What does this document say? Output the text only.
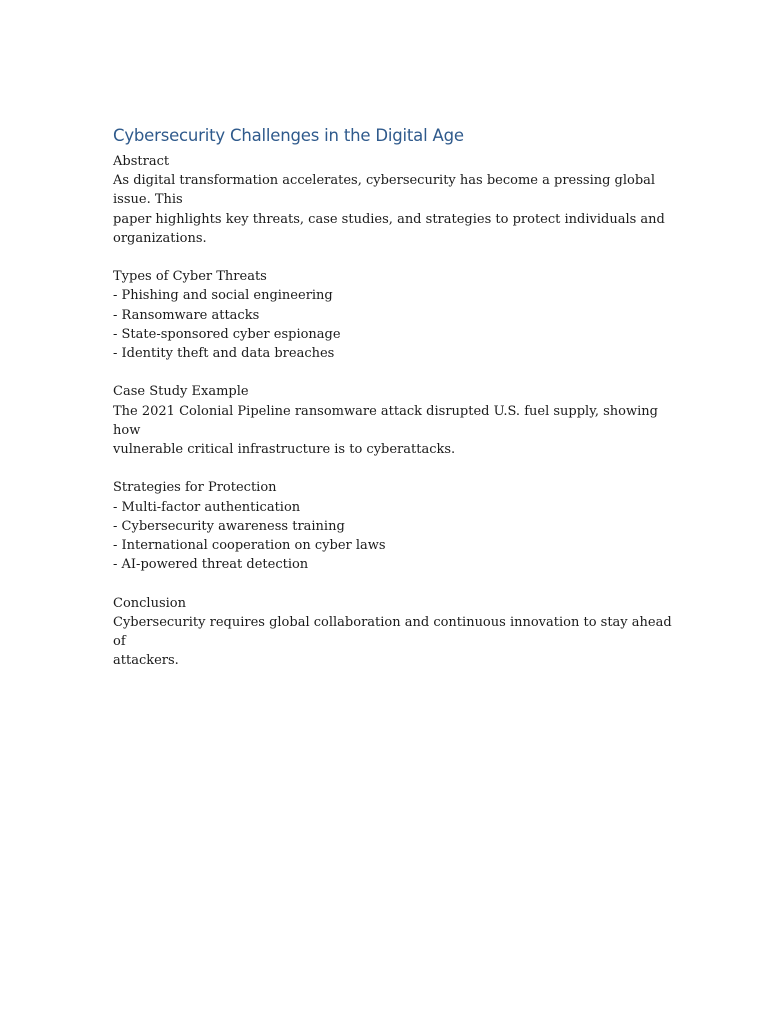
Cybersecurity Challenges in the Digital Age
Abstract
As digital transformation accelerates, cybersecurity has become a pressing global issue. This
paper highlights key threats, case studies, and strategies to protect individuals and
organizations.
Types of Cyber Threats
- Phishing and social engineering
- Ransomware attacks
- State-sponsored cyber espionage
- Identity theft and data breaches
Case Study Example
The 2021 Colonial Pipeline ransomware attack disrupted U.S. fuel supply, showing how
vulnerable critical infrastructure is to cyberattacks.
Strategies for Protection
- Multi-factor authentication
- Cybersecurity awareness training
- International cooperation on cyber laws
- AI-powered threat detection
Conclusion
Cybersecurity requires global collaboration and continuous innovation to stay ahead of
attackers.
